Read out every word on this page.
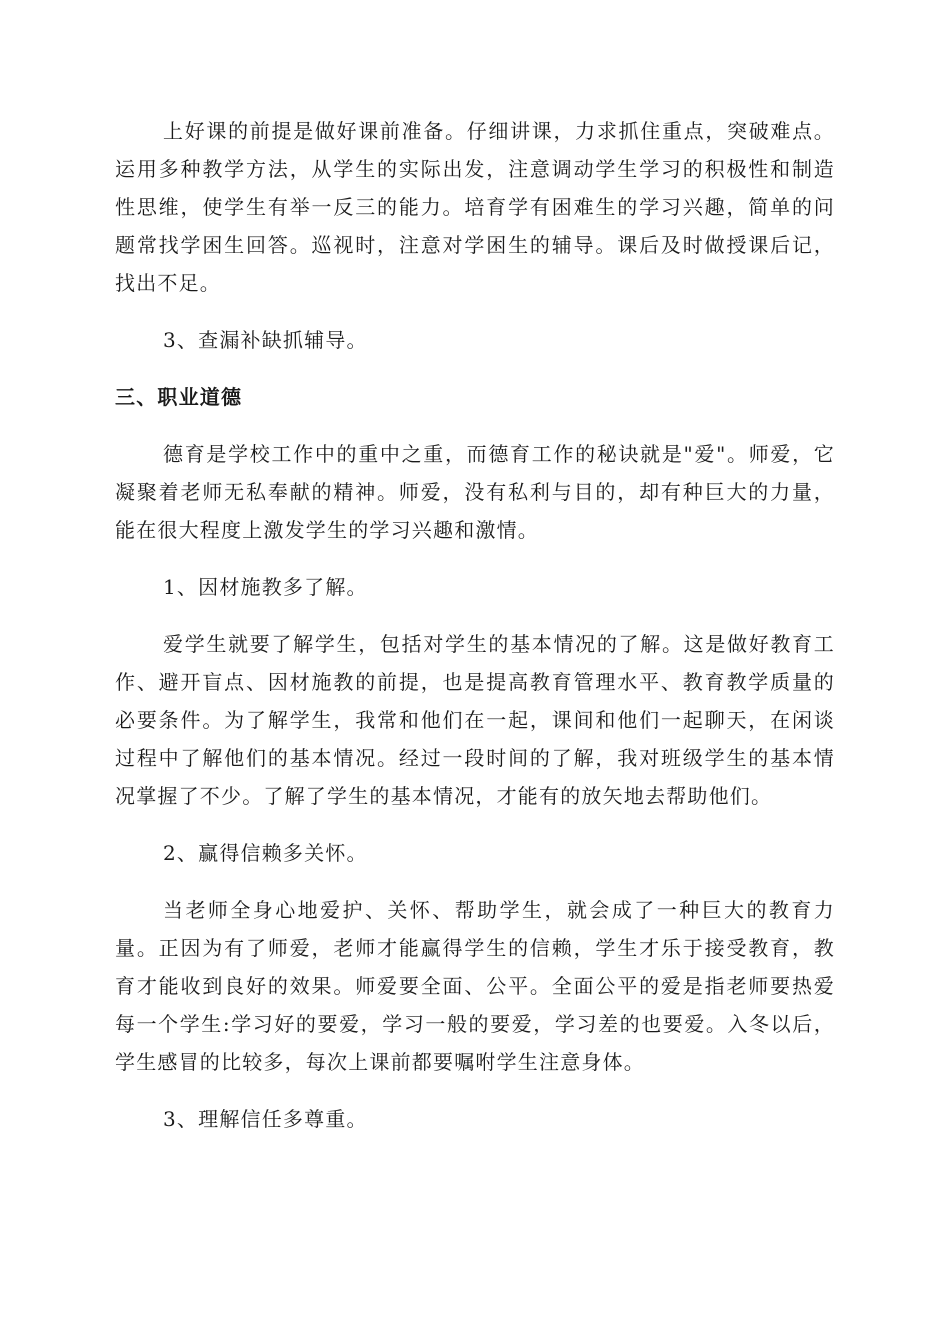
上好课的前提是做好课前准备。仔细讲课，力求抓住重点，突破难点。运用多种教学方法，从学生的实际出发，注意调动学生学习的积极性和制造性思维，使学生有举一反三的能力。培育学有困难生的学习兴趣，简单的问题常找学困生回答。巡视时，注意对学困生的辅导。课后及时做授课后记，找出不足。

3、查漏补缺抓辅导。

三、职业道德

德育是学校工作中的重中之重，而德育工作的秘诀就是"爱"。师爱，它凝聚着老师无私奉献的精神。师爱，没有私利与目的，却有种巨大的力量，能在很大程度上激发学生的学习兴趣和激情。

1、因材施教多了解。

爱学生就要了解学生，包括对学生的基本情况的了解。这是做好教育工作、避开盲点、因材施教的前提，也是提高教育管理水平、教育教学质量的必要条件。为了解学生，我常和他们在一起，课间和他们一起聊天，在闲谈过程中了解他们的基本情况。经过一段时间的了解，我对班级学生的基本情况掌握了不少。了解了学生的基本情况，才能有的放矢地去帮助他们。

2、赢得信赖多关怀。

当老师全身心地爱护、关怀、帮助学生，就会成了一种巨大的教育力量。正因为有了师爱，老师才能赢得学生的信赖，学生才乐于接受教育，教育才能收到良好的效果。师爱要全面、公平。全面公平的爱是指老师要热爱每一个学生:学习好的要爱，学习一般的要爱，学习差的也要爱。入冬以后，学生感冒的比较多，每次上课前都要嘱咐学生注意身体。

3、理解信任多尊重。
